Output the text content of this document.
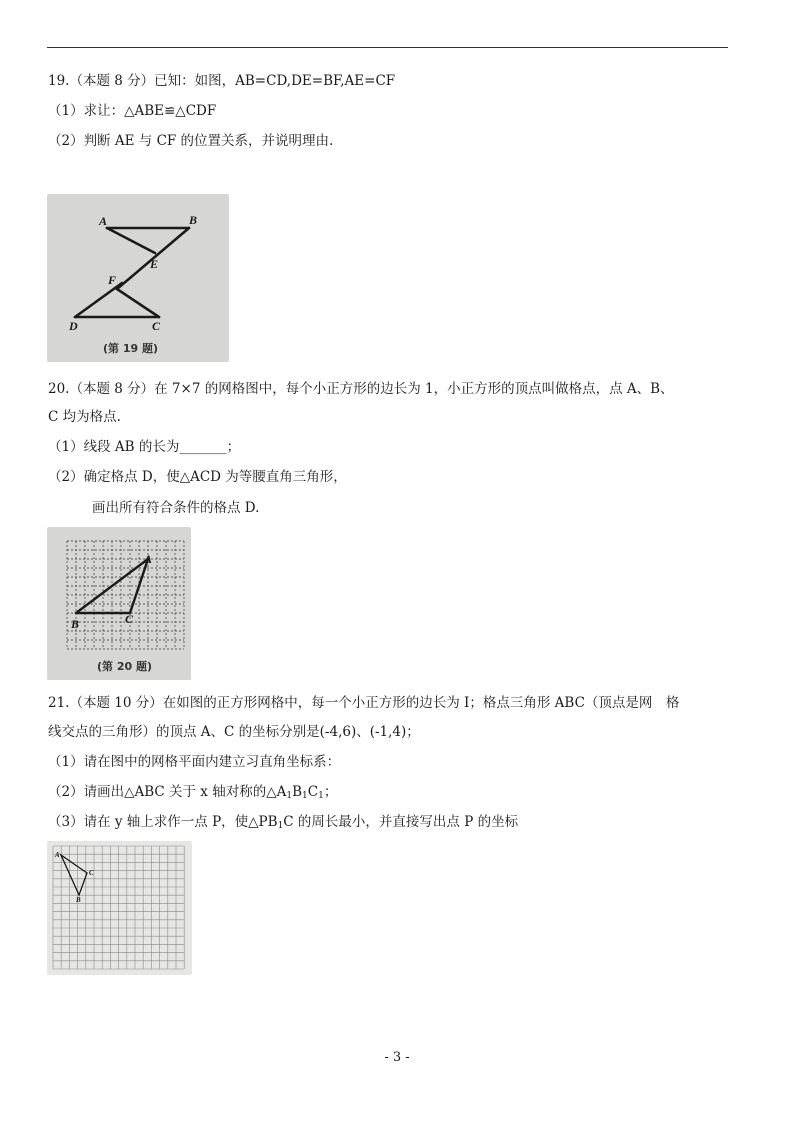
19.（本题 8 分）已知：如图，AB=CD,DE=BF,AE=CF
（1）求让：△ABE≌△CDF
（2）判断 AE 与 CF 的位置关系，并说明理由.
A	B
E
F
D	C
(第 19 题)
20.（本题 8 分）在 7×7 的网格图中，每个小正方形的边长为 1，小正方形的顶点叫做格点，点 A、B、
C 均为格点.
（1）线段 AB 的长为_______；
（2）确定格点 D，使△ACD 为等腰直角三角形，
画出所有符合条件的格点 D.
A
B	C
(第 20 题)
21.（本题 10 分）在如图的正方形网格中，每一个小正方形的边长为 I；格点三角形 ABC（顶点是网　格
线交点的三角形）的顶点 A、C 的坐标分别是(-4,6)、(-1,4)；
（1）请在图中的网格平面内建立习直角坐标系：
（2）请画出△ABC 关于 x 轴对称的$\triangle A_1B_1C_1$；
（3）请在 y 轴上求作一点 P，使$\triangle PB_1C$ 的周长最小，并直接写出点 P 的坐标
A
B
C
- 3 -
